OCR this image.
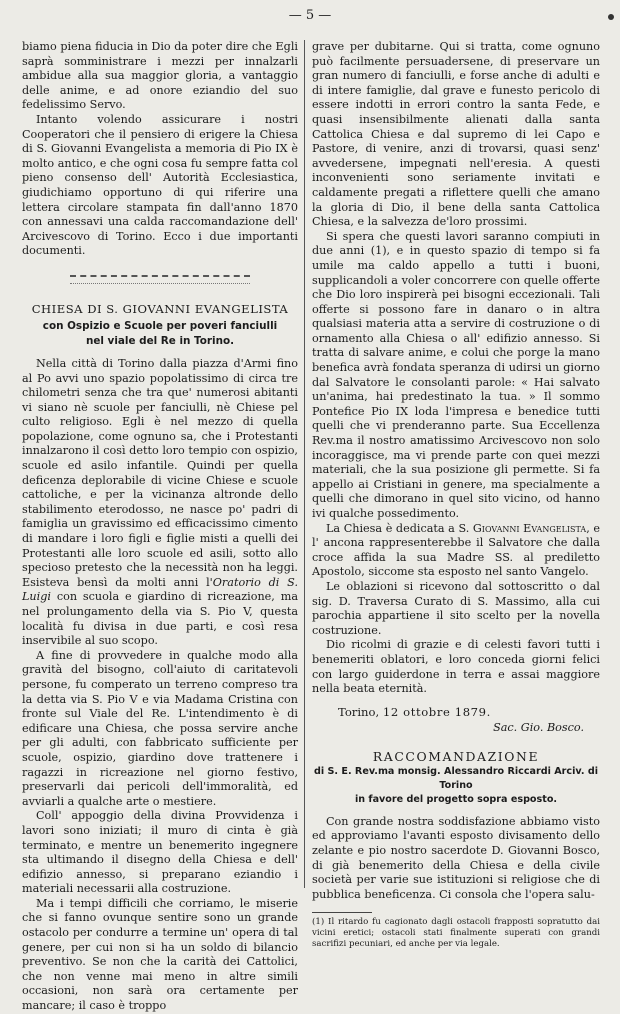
— 5 —

biamo piena fiducia in Dio da poter dire che Egli saprà somministrare i mezzi per innalzarli ambidue alla sua maggior gloria, a vantaggio delle anime, e ad onore eziandio del suo fedelissimo Servo.

Intanto volendo assicurare i nostri Cooperatori che il pensiero di erigere la Chiesa di S. Giovanni Evangelista a memoria di Pio IX è molto antico, e che ogni cosa fu sempre fatta col pieno consenso dell' Autorità Ecclesiastica, giudichiamo opportuno di qui riferire una lettera circolare stampata fin dall'anno 1870 con annessavi una calda raccomandazione dell' Arcivescovo di Torino. Ecco i due importanti documenti.

CHIESA DI S. GIOVANNI EVANGELISTA
con Ospizio e Scuole per poveri fanciulli
nel viale del Re in Torino.

Nella città di Torino dalla piazza d'Armi fino al Po avvi uno spazio popolatissimo di circa tre chilometri senza che tra que' numerosi abitanti vi siano nè scuole per fanciulli, nè Chiese pel culto religioso. Egli è nel mezzo di quella popolazione, come ognuno sa, che i Protestanti innalzarono il così detto loro tempio con ospizio, scuole ed asilo infantile. Quindi per quella deficenza deplorabile di vicine Chiese e scuole cattoliche, e per la vicinanza altronde dello stabilimento eterodosso, ne nasce po' padri di famiglia un gravissimo ed efficacissimo cimento di mandare i loro figli e figlie misti a quelli dei Protestanti alle loro scuole ed asili, sotto allo specioso pretesto che la necessità non ha leggi. Esisteva bensì da molti anni l'Oratorio di S. Luigi con scuola e giardino di ricreazione, ma nel prolungamento della via S. Pio V, questa località fu divisa in due parti, e così resa inservibile al suo scopo.

A fine di provvedere in qualche modo alla gravità del bisogno, coll'aiuto di caritatevoli persone, fu comperato un terreno compreso tra la detta via S. Pio V e via Madama Cristina con fronte sul Viale del Re. L'intendimento è di edificare una Chiesa, che possa servire anche per gli adulti, con fabbricato sufficiente per scuole, ospizio, giardino dove trattenere i ragazzi in ricreazione nel giorno festivo, preservarli dai pericoli dell'immoralità, ed avviarli a qualche arte o mestiere.

Coll' appoggio della divina Provvidenza i lavori sono iniziati; il muro di cinta è già terminato, e mentre un benemerito ingegnere sta ultimando il disegno della Chiesa e dell' edifizio annesso, si preparano eziandio i materiali necessarii alla costruzione.

Ma i tempi difficili che corriamo, le miserie che si fanno ovunque sentire sono un grande ostacolo per condurre a termine un' opera di tal genere, per cui non si ha un soldo di bilancio preventivo. Se non che la carità dei Cattolici, che non venne mai meno in altre simili occasioni, non sarà ora certamente per mancare; il caso è troppo

grave per dubitarne. Qui si tratta, come ognuno può facilmente persuadersene, di preservare un gran numero di fanciulli, e forse anche di adulti e di intere famiglie, dal grave e funesto pericolo di essere indotti in errori contro la santa Fede, e quasi insensibilmente alienati dalla santa Cattolica Chiesa e dal supremo di lei Capo e Pastore, di venire, anzi di trovarsi, quasi senz' avvedersene, impegnati nell'eresia. A questi inconvenienti sono seriamente invitati e caldamente pregati a riflettere quelli che amano la gloria di Dio, il bene della santa Cattolica Chiesa, e la salvezza de'loro prossimi.

Si spera che questi lavori saranno compiuti in due anni (1), e in questo spazio di tempo si fa umile ma caldo appello a tutti i buoni, supplicandoli a voler concorrere con quelle offerte che Dio loro inspirerà pei bisogni eccezionali. Tali offerte si possono fare in danaro o in altra qualsiasi materia atta a servire di costruzione o di ornamento alla Chiesa o all' edifizio annesso. Si tratta di salvare anime, e colui che porge la mano benefica avrà fondata speranza di udirsi un giorno dal Salvatore le consolanti parole: « Hai salvato un'anima, hai predestinato la tua. » Il sommo Pontefice Pio IX loda l'impresa e benedice tutti quelli che vi prenderanno parte. Sua Eccellenza Rev.ma il nostro amatissimo Arcivescovo non solo incoraggisce, ma vi prende parte con quei mezzi materiali, che la sua posizione gli permette. Si fa appello ai Cristiani in genere, ma specialmente a quelli che dimorano in quel sito vicino, od hanno ivi qualche possedimento.

La Chiesa è dedicata a S. Giovanni Evangelista, e l' ancona rappresenterebbe il Salvatore che dalla croce affida la sua Madre SS. al prediletto Apostolo, siccome sta esposto nel santo Vangelo.

Le oblazioni si ricevono dal sottoscritto o dal sig. D. Traversa Curato di S. Massimo, alla cui parochia appartiene il sito scelto per la novella costruzione.

Dio ricolmi di grazie e di celesti favori tutti i benemeriti oblatori, e loro conceda giorni felici con largo guiderdone in terra e assai maggiore nella beata eternità.

Torino, 12 ottobre 1879.
Sac. Gio. Bosco.
RACCOMANDAZIONE
di S. E. Rev.ma monsig. Alessandro Riccardi Arciv. di Torino
in favore del progetto sopra esposto.

Con grande nostra soddisfazione abbiamo visto ed approviamo l'avanti esposto divisamento dello zelante e pio nostro sacerdote D. Giovanni Bosco, di già benemerito della Chiesa e della civile società per varie sue istituzioni si religiose che di pubblica beneficenza. Ci consola che l'opera salu-

(1) Il ritardo fu cagionato dagli ostacoli frapposti sopratutto dai vicini eretici; ostacoli stati finalmente superati con grandi sacrifizi pecuniari, ed anche per via legale.
